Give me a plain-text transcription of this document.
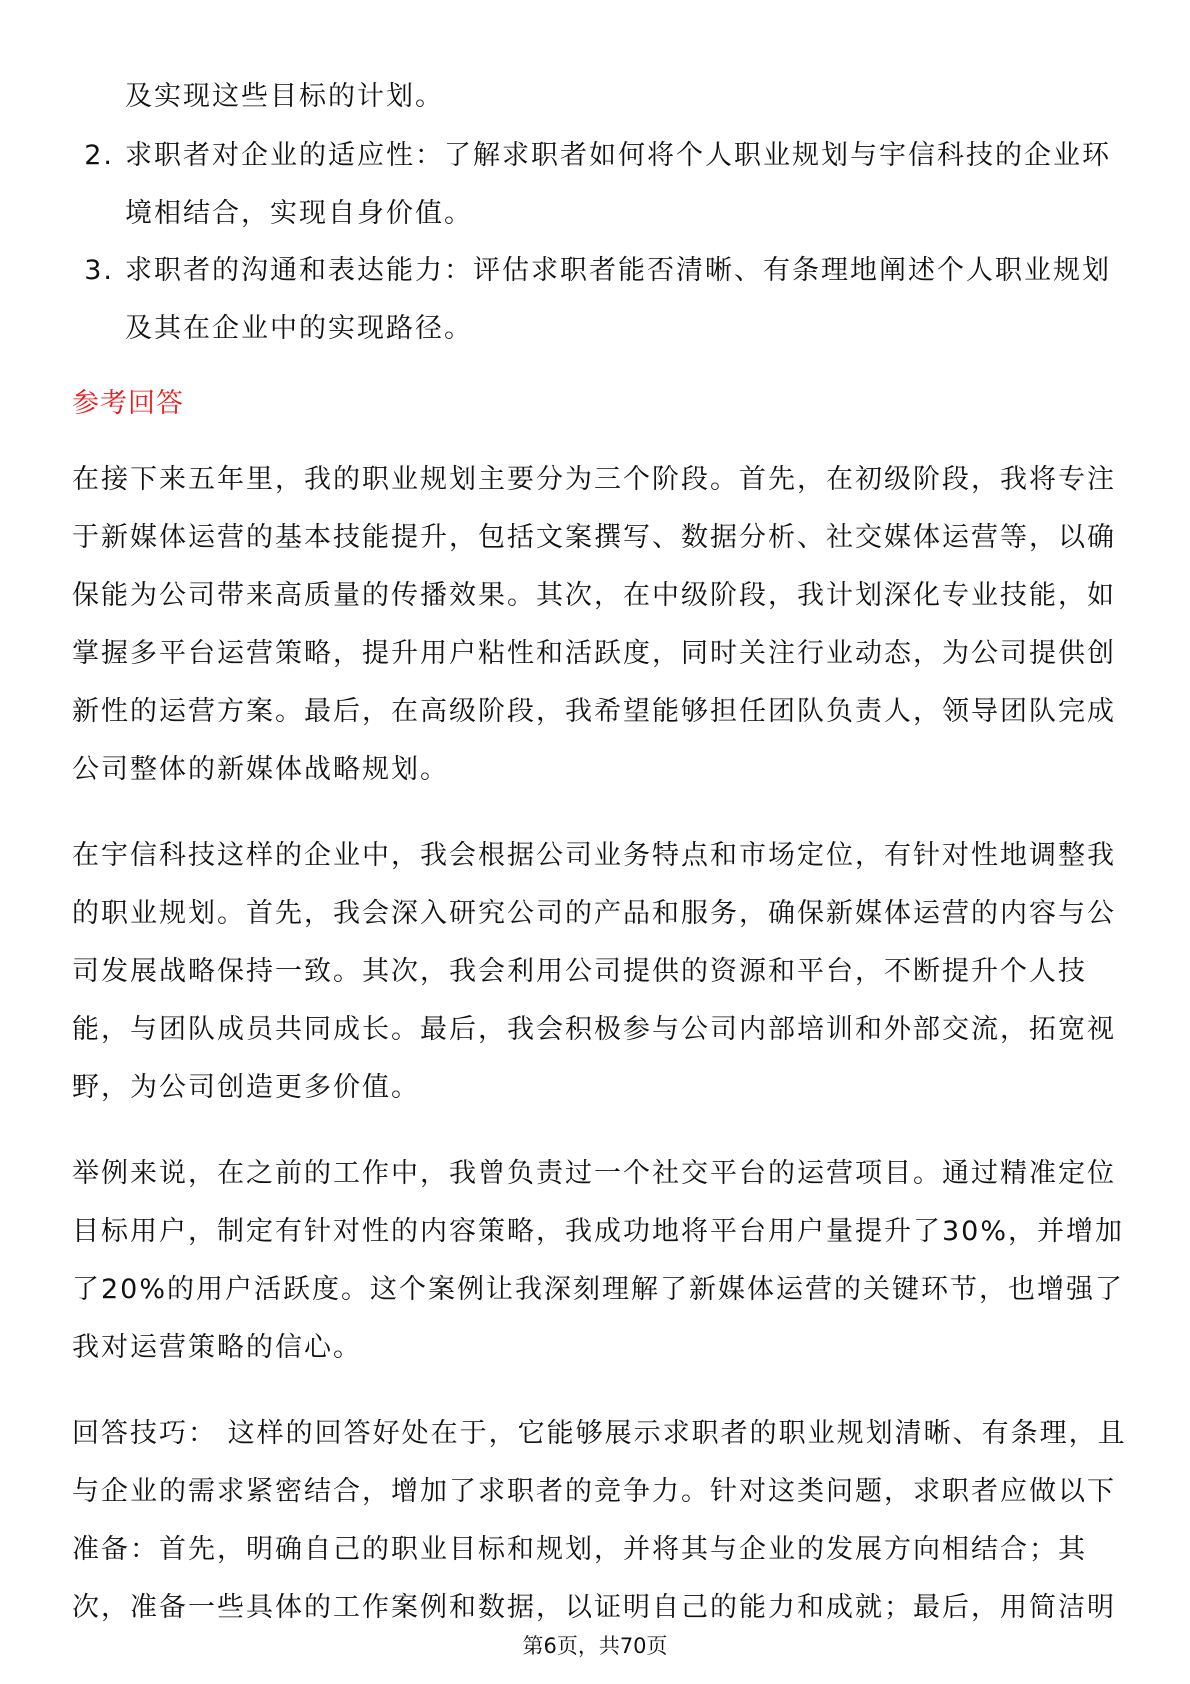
及实现这些目标的计划。
2. 求职者对企业的适应性：了解求职者如何将个人职业规划与宇信科技的企业环
境相结合，实现自身价值。
3. 求职者的沟通和表达能力：评估求职者能否清晰、有条理地阐述个人职业规划
及其在企业中的实现路径。
参考回答
在接下来五年里，我的职业规划主要分为三个阶段。首先，在初级阶段，我将专注
于新媒体运营的基本技能提升，包括文案撰写、数据分析、社交媒体运营等，以确
保能为公司带来高质量的传播效果。其次，在中级阶段，我计划深化专业技能，如
掌握多平台运营策略，提升用户粘性和活跃度，同时关注行业动态，为公司提供创
新性的运营方案。最后，在高级阶段，我希望能够担任团队负责人，领导团队完成
公司整体的新媒体战略规划。
在宇信科技这样的企业中，我会根据公司业务特点和市场定位，有针对性地调整我
的职业规划。首先，我会深入研究公司的产品和服务，确保新媒体运营的内容与公
司发展战略保持一致。其次，我会利用公司提供的资源和平台，不断提升个人技
能，与团队成员共同成长。最后，我会积极参与公司内部培训和外部交流，拓宽视
野，为公司创造更多价值。
举例来说，在之前的工作中，我曾负责过一个社交平台的运营项目。通过精准定位
目标用户，制定有针对性的内容策略，我成功地将平台用户量提升了30%，并增加
了20%的用户活跃度。这个案例让我深刻理解了新媒体运营的关键环节，也增强了
我对运营策略的信心。
回答技巧： 这样的回答好处在于，它能够展示求职者的职业规划清晰、有条理，且
与企业的需求紧密结合，增加了求职者的竞争力。针对这类问题，求职者应做以下
准备：首先，明确自己的职业目标和规划，并将其与企业的发展方向相结合；其
次，准备一些具体的工作案例和数据，以证明自己的能力和成就；最后，用简洁明
第6页，共70页
